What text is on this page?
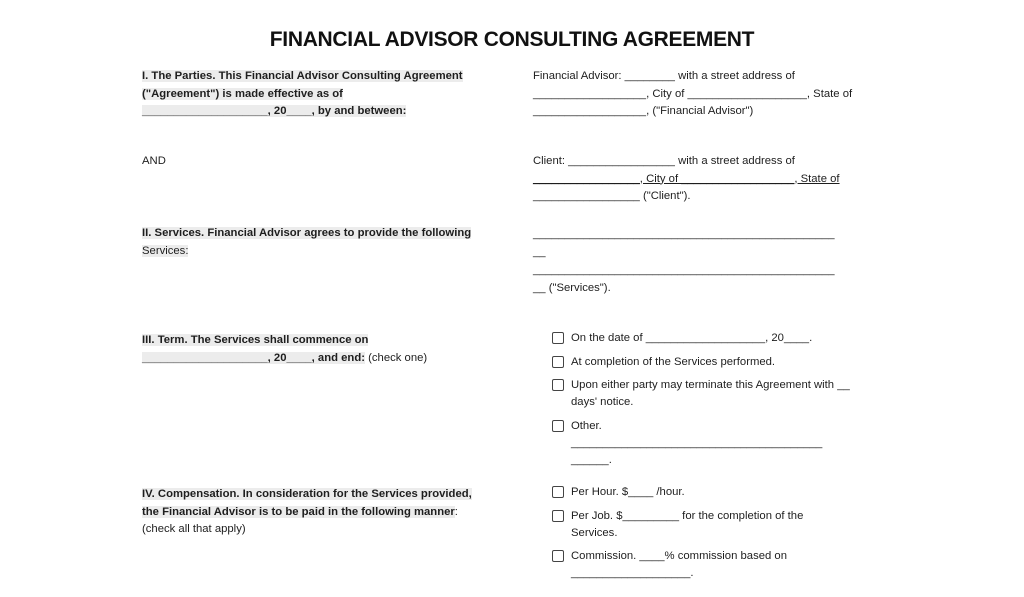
FINANCIAL ADVISOR CONSULTING AGREEMENT
I. The Parties. This Financial Advisor Consulting Agreement
("Agreement") is made effective as of
____________________, 20____, by and between:
Financial Advisor: ________ with a street address of
__________________, City of ___________________, State of
__________________, ("Financial Advisor")
AND	Client: _________________ with a street address of
_________________, City of __________________, State of
_________________ ("Client").
II. Services. Financial Advisor agrees to provide the following
Services:
________________________________________________
__
________________________________________________
__ ("Services").
III. Term. The Services shall commence on
____________________, 20____, and end: (check one)
On the date of ___________________, 20____.
At completion of the Services performed.
Upon either party may terminate this Agreement with __
days' notice.
Other.
________________________________________
______.
IV. Compensation. In consideration for the Services provided,
the Financial Advisor is to be paid in the following manner:
(check all that apply)
Per Hour. $____ /hour.
Per Job. $_________ for the completion of the
Services.
Commission. ____% commission based on
___________________.
